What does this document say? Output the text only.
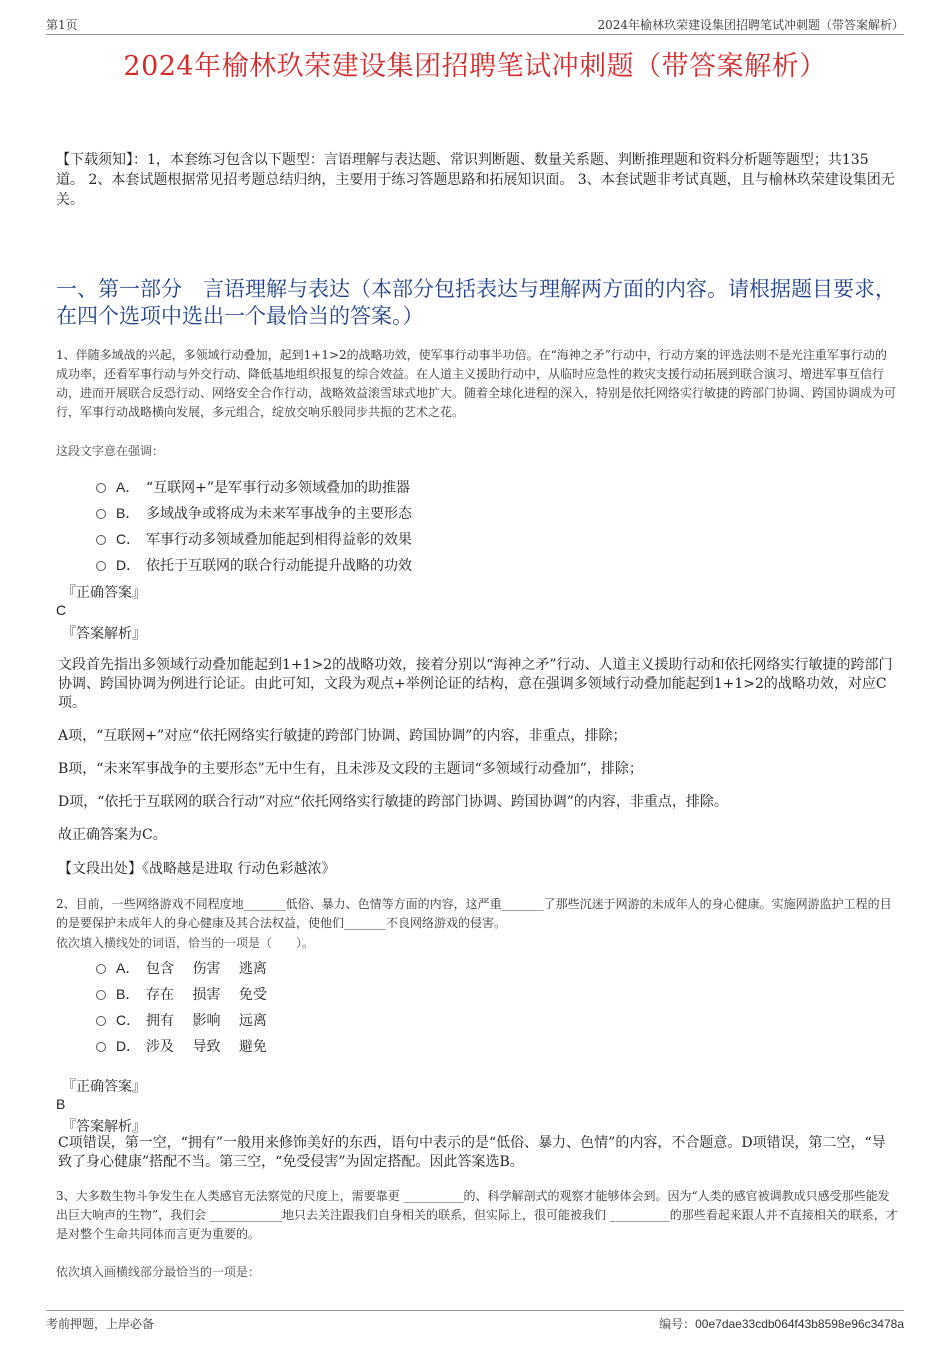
第1页	2024年榆林玖荣建设集团招聘笔试冲刺题（带答案解析）
2024年榆林玖荣建设集团招聘笔试冲刺题（带答案解析）
【下载须知】：1，本套练习包含以下题型：言语理解与表达题、常识判断题、数量关系题、判断推理题和资料分析题等题型；共135道。 2、本套试题根据常见招考题总结归纳，主要用于练习答题思路和拓展知识面。 3、本套试题非考试真题，且与榆林玖荣建设集团无关。
一、第一部分　言语理解与表达（本部分包括表达与理解两方面的内容。请根据题目要求，在四个选项中选出一个最恰当的答案。）
1、伴随多域战的兴起，多领域行动叠加，起到1+1>2的战略功效，使军事行动事半功倍。在“海神之矛”行动中，行动方案的评选法则不是光注重军事行动的成功率，还看军事行动与外交行动、降低基地组织报复的综合效益。在人道主义援助行动中，从临时应急性的救灾支援行动拓展到联合演习、增进军事互信行动，进而开展联合反恐行动、网络安全合作行动，战略效益滚雪球式地扩大。随着全球化进程的深入，特别是依托网络实行敏捷的跨部门协调、跨国协调成为可行，军事行动战略横向发展，多元组合，绽放交响乐般同步共振的艺术之花。
这段文字意在强调：
A． “互联网+”是军事行动多领域叠加的助推器
B． 多域战争或将成为未来军事战争的主要形态
C． 军事行动多领域叠加能起到相得益彰的效果
D． 依托于互联网的联合行动能提升战略的功效
『正确答案』
C
『答案解析』
文段首先指出多领域行动叠加能起到1+1>2的战略功效，接着分别以“海神之矛”行动、人道主义援助行动和依托网络实行敏捷的跨部门协调、跨国协调为例进行论证。由此可知，文段为观点+举例论证的结构，意在强调多领域行动叠加能起到1+1>2的战略功效，对应C项。
A项，“互联网+”对应“依托网络实行敏捷的跨部门协调、跨国协调”的内容，非重点，排除；
B项，“未来军事战争的主要形态”无中生有，且未涉及文段的主题词“多领域行动叠加”，排除；
D项，“依托于互联网的联合行动”对应“依托网络实行敏捷的跨部门协调、跨国协调”的内容，非重点，排除。
故正确答案为C。
【文段出处】《战略越是进取 行动色彩越浓》
2、目前，一些网络游戏不同程度地_______低俗、暴力、色情等方面的内容，这严重_______了那些沉迷于网游的未成年人的身心健康。实施网游监护工程的目的是要保护未成年人的身心健康及其合法权益，使他们_______不良网络游戏的侵害。
依次填入横线处的词语，恰当的一项是（　　）。
A． 包含　 伤害　 逃离
B． 存在　 损害　 免受
C． 拥有　 影响　 远离
D． 涉及　 导致　 避免
『正确答案』
B
『答案解析』
C项错误，第一空，“拥有”一般用来修饰美好的东西，语句中表示的是“低俗、暴力、色情”的内容，不合题意。D项错误，第二空，“导致了身心健康”搭配不当。第三空，“免受侵害”为固定搭配。因此答案选B。
3、大多数生物斗争发生在人类感官无法察觉的尺度上，需要靠更 __________的、科学解剖式的观察才能够体会到。因为“人类的感官被调教成只感受那些能发出巨大响声的生物”，我们会 ____________地只去关注跟我们自身相关的联系，但实际上，很可能被我们 __________的那些看起来跟人并不直接相关的联系，才是对整个生命共同体而言更为重要的。
依次填入画横线部分最恰当的一项是：
考前押题，上岸必备	编号：00e7dae33cdb064f43b8598e96c3478a
